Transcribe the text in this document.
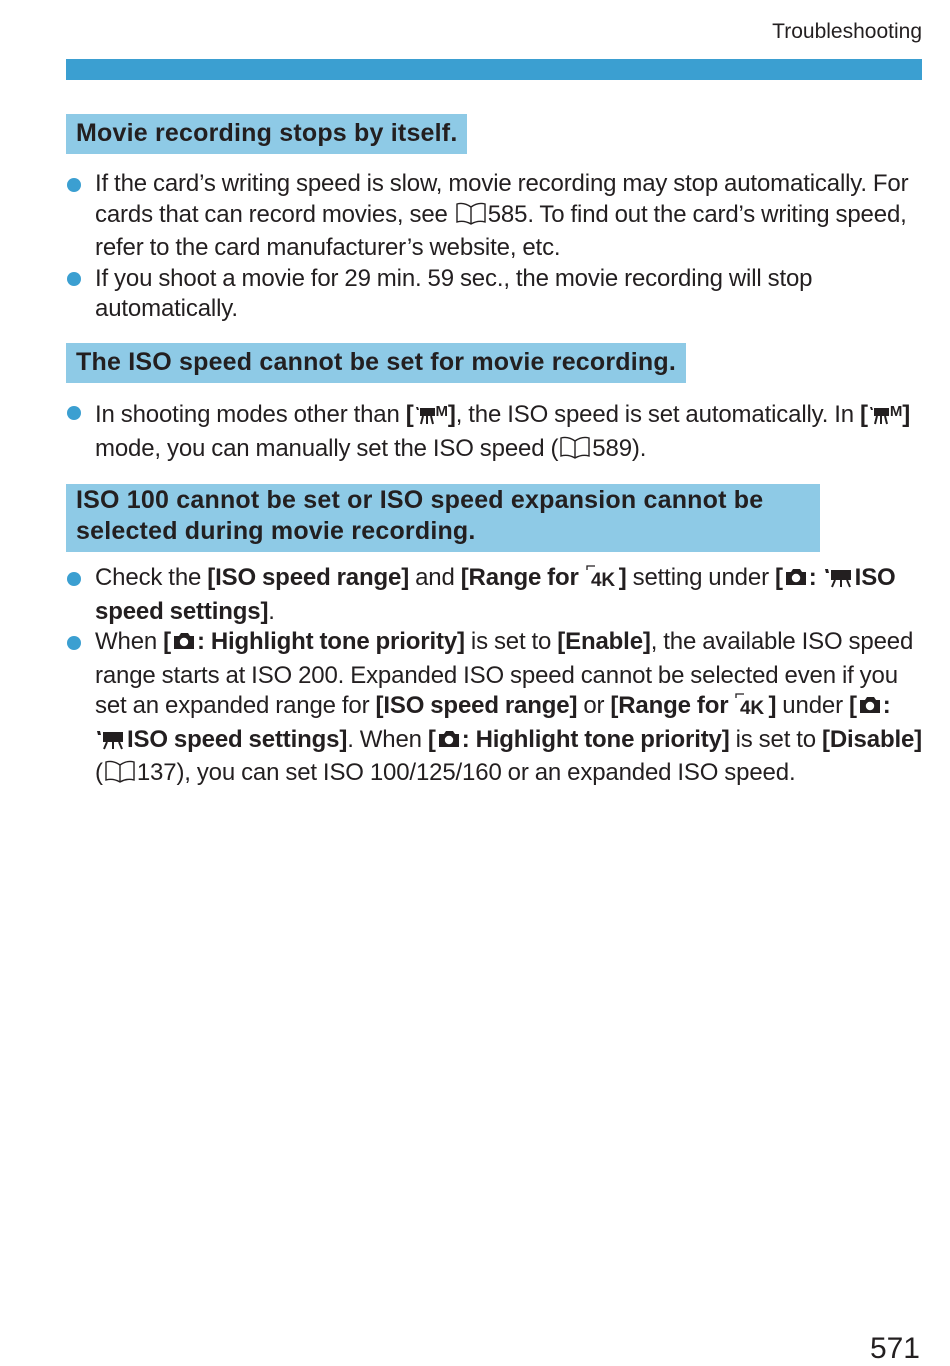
Troubleshooting
Movie recording stops by itself.
If the card’s writing speed is slow, movie recording may stop automatically. For cards that can record movies, see 585. To find out the card’s writing speed, refer to the card manufacturer’s website, etc.
If you shoot a movie for 29 min. 59 sec., the movie recording will stop automatically.
The ISO speed cannot be set for movie recording.
In shooting modes other than [ $^M$], the ISO speed is set automatically. In [ $^M$] mode, you can manually set the ISO speed ( 589).
ISO 100 cannot be set or ISO speed expansion cannot be selected during movie recording.
Check the [ISO speed range] and [Range for 4K ] setting under [ : ISO speed settings].
When [ : Highlight tone priority] is set to [Enable], the available ISO speed range starts at ISO 200. Expanded ISO speed cannot be selected even if you set an expanded range for [ISO speed range] or [Range for 4K ] under [ : ISO speed settings]. When [ : Highlight tone priority] is set to [Disable] ( 137), you can set ISO 100/125/160 or an expanded ISO speed.
571
